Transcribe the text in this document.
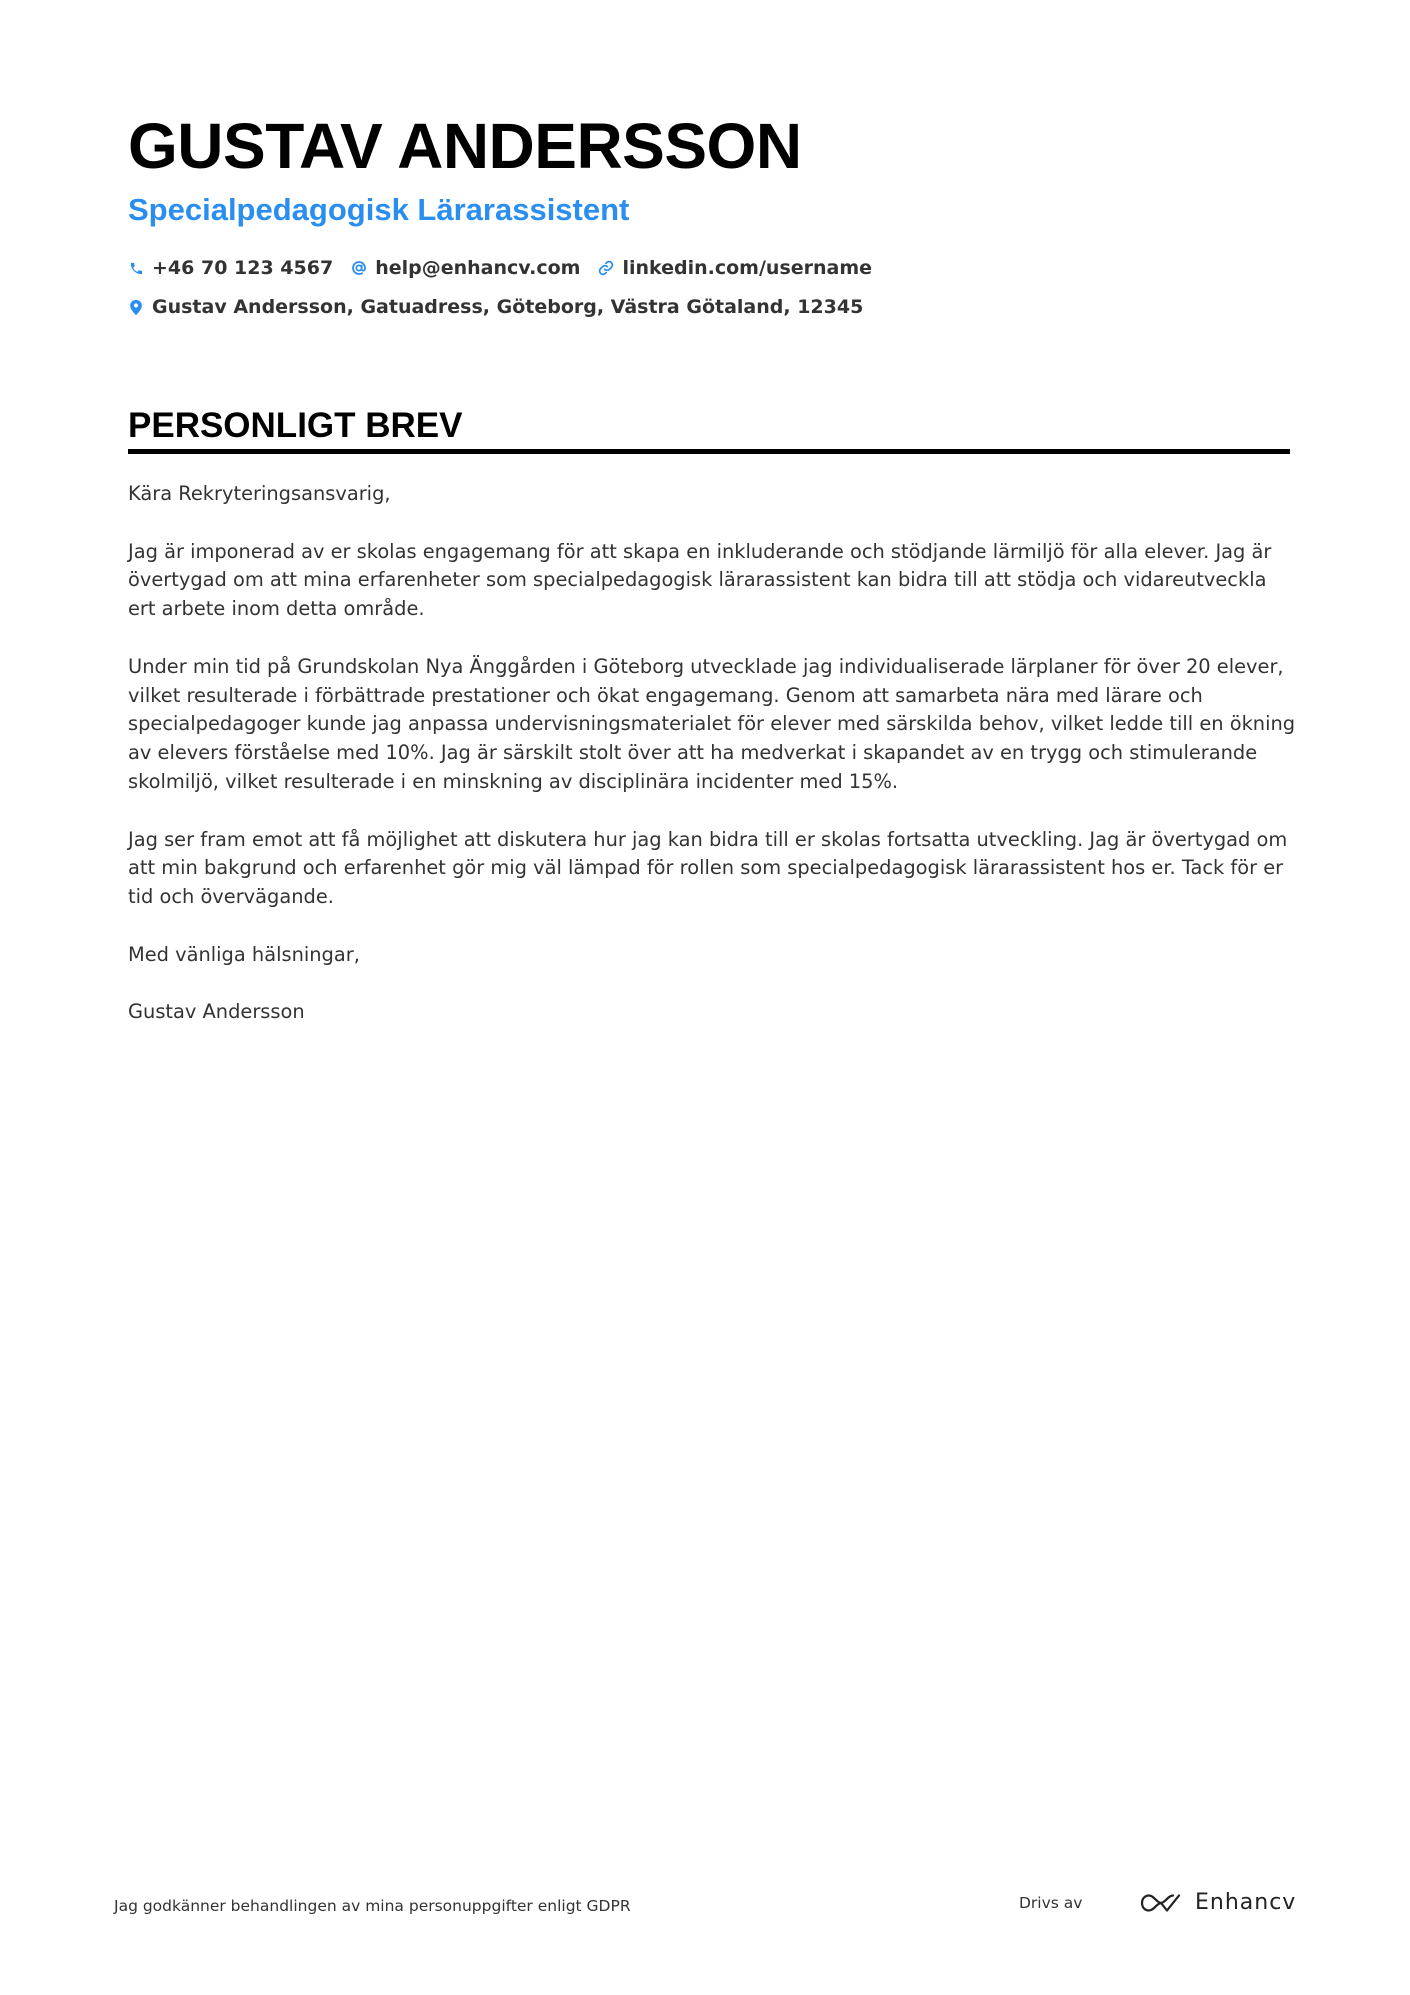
GUSTAV ANDERSSON
Specialpedagogisk Lärarassistent
+46 70 123 4567 help@enhancv.com linkedin.com/username
Gustav Andersson, Gatuadress, Göteborg, Västra Götaland, 12345
PERSONLIGT BREV

Kära Rekryteringsansvarig,

Jag är imponerad av er skolas engagemang för att skapa en inkluderande och stödjande lärmiljö för alla elever. Jag är övertygad om att mina erfarenheter som specialpedagogisk lärarassistent kan bidra till att stödja och vidareutveckla ert arbete inom detta område.

Under min tid på Grundskolan Nya Änggården i Göteborg utvecklade jag individualiserade lärplaner för över 20 elever, vilket resulterade i förbättrade prestationer och ökat engagemang. Genom att samarbeta nära med lärare och specialpedagoger kunde jag anpassa undervisningsmaterialet för elever med särskilda behov, vilket ledde till en ökning av elevers förståelse med 10%. Jag är särskilt stolt över att ha medverkat i skapandet av en trygg och stimulerande skolmiljö, vilket resulterade i en minskning av disciplinära incidenter med 15%.

Jag ser fram emot att få möjlighet att diskutera hur jag kan bidra till er skolas fortsatta utveckling. Jag är övertygad om att min bakgrund och erfarenhet gör mig väl lämpad för rollen som specialpedagogisk lärarassistent hos er. Tack för er tid och övervägande.

Med vänliga hälsningar,

Gustav Andersson

Jag godkänner behandlingen av mina personuppgifter enligt GDPR	Drivs av	Enhancv
